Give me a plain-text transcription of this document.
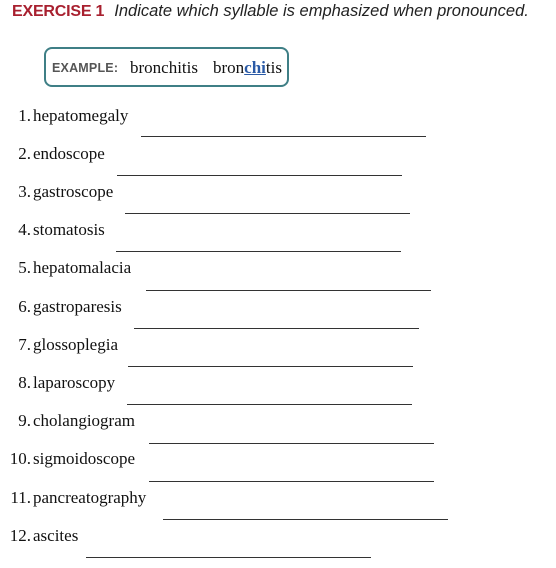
EXERCISE 1 Indicate which syllable is emphasized when pronounced.
EXAMPLE: bronchitis bronchitis
1. hepatomegaly
2. endoscope
3. gastroscope
4. stomatosis
5. hepatomalacia
6. gastroparesis
7. glossoplegia
8. laparoscopy
9. cholangiogram
10. sigmoidoscope
11. pancreatography
12. ascites
